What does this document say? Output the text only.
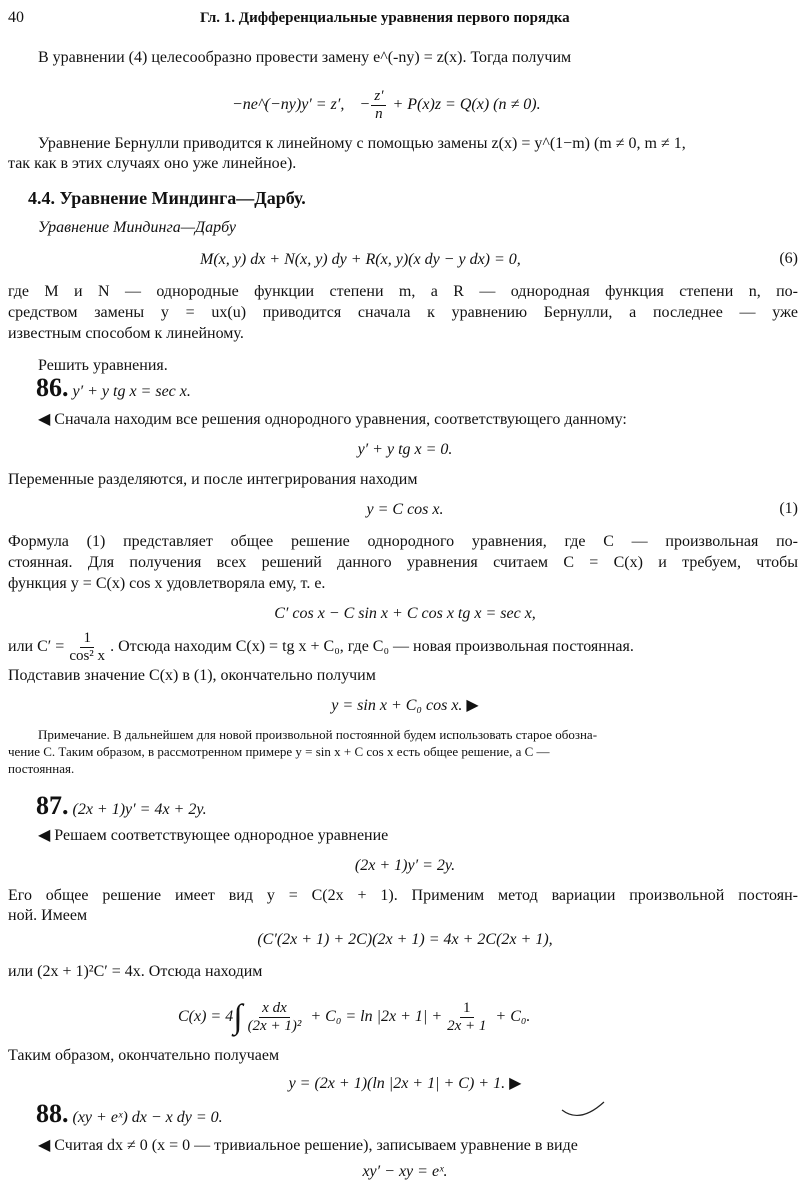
40	Гл. 1. Дифференциальные уравнения первого порядка
В уравнении (4) целесообразно провести замену e^(-ny) = z(x). Тогда получим
−ne^(−ny)y′ = z′,    − $\frac{z'}{n} + P(x)z = Q(x) (n \ne 0)$.
Уравнение Бернулли приводится к линейному с помощью замены z(x) = y^(1−m) (m ≠ 0, m ≠ 1,
так как в этих случаях оно уже линейное).
4.4. Уравнение Миндинга—Дарбу.
Уравнение Миндинга—Дарбу
M(x, y) dx + N(x, y) dy + R(x, y)(x dy − y dx) = 0,	(6)
где M и N — однородные функции степени m, а R — однородная функция степени n, по-
средством замены y = ux(u) приводится сначала к уравнению Бернулли, а последнее — уже
известным способом к линейному.
Решить уравнения.
86. y′ + y tg x = sec x.
◀ Сначала находим все решения однородного уравнения, соответствующего данному:
y′ + y tg x = 0.
Переменные разделяются, и после интегрирования находим
y = C cos x.	(1)
Формула (1) представляет общее решение однородного уравнения, где C — произвольная по-
стоянная. Для получения всех решений данного уравнения считаем C = C(x) и требуем, чтобы
функция y = C(x) cos x удовлетворяла ему, т. е.
C′ cos x − C sin x + C cos x tg x = sec x,
или $C' = \frac{1}{\text{cos² x}}$ . Отсюда находим C(x) = tg x + C₀, где C₀ — новая произвольная постоянная.
Подставив значение C(x) в (1), окончательно получим
y = sin x + C₀ cos x. ▶
Примечание. В дальнейшем для новой произвольной постоянной будем использовать старое обозна-
чение C. Таким образом, в рассмотренном примере y = sin x + C cos x есть общее решение, а C —
постоянная.
87. (2x + 1)y′ = 4x + 2y.
◀ Решаем соответствующее однородное уравнение
(2x + 1)y′ = 2y.
Его общее решение имеет вид y = C(2x + 1). Применим метод вариации произвольной постоян-
ной. Имеем
(C′(2x + 1) + 2C)(2x + 1) = 4x + 2C(2x + 1),
или (2x + 1)²C′ = 4x. Отсюда находим
$C(x) = 4\int \frac{\text{x dx}}{\text{(2x + 1)²}} + C_0 = \ln |2x + 1| + \frac{1}{2x + 1} + C_0$.
Таким образом, окончательно получаем
y = (2x + 1)(ln |2x + 1| + C) + 1. ▶
88. (xy + eˣ) dx − x dy = 0.
◀ Считая dx ≠ 0 (x = 0 — тривиальное решение), записываем уравнение в виде
xy′ − xy = eˣ.
